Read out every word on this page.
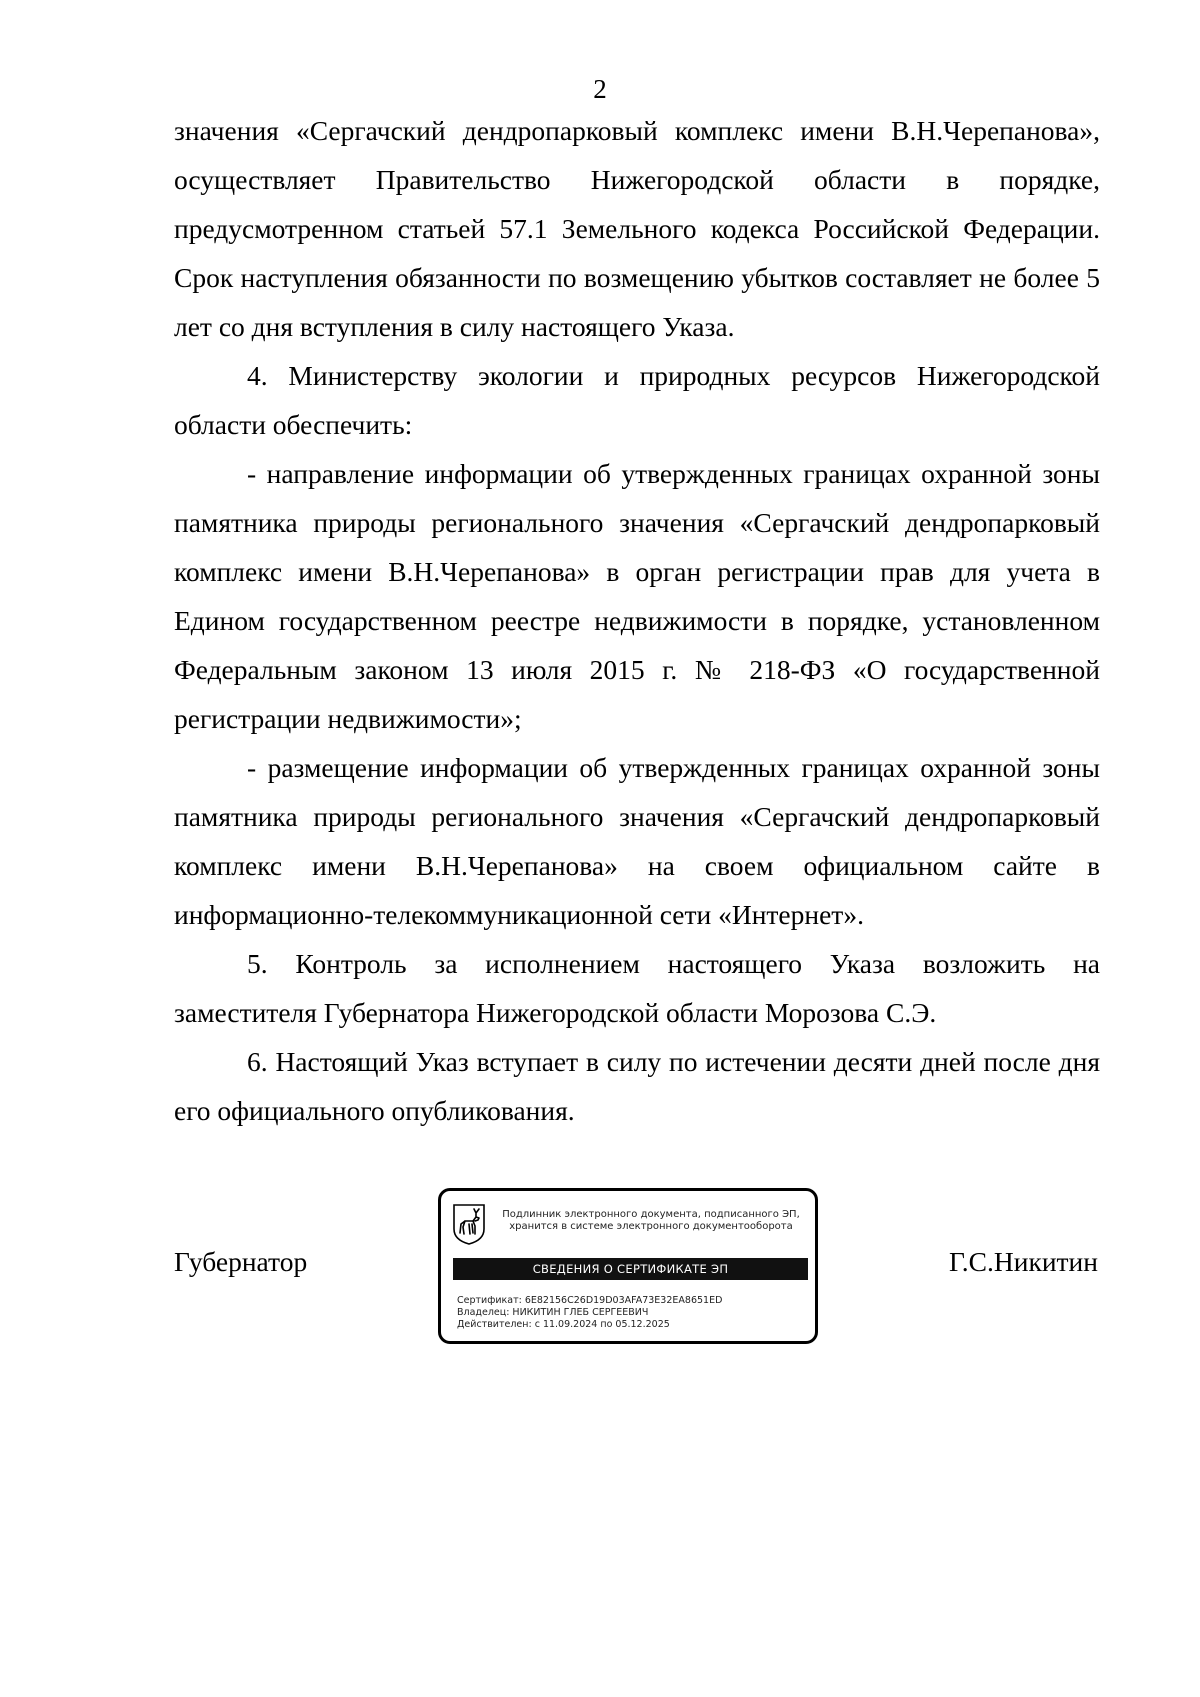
2

значения «Сергачский дендропарковый комплекс имени В.Н.Черепанова», осуществляет Правительство Нижегородской области в порядке, предусмотренном статьей 57.1 Земельного кодекса Российской Федерации. Срок наступления обязанности по возмещению убытков составляет не более 5 лет со дня вступления в силу настоящего Указа.

4. Министерству экологии и природных ресурсов Нижегородской области обеспечить:

- направление информации об утвержденных границах охранной зоны памятника природы регионального значения «Сергачский дендропарковый комплекс имени В.Н.Черепанова» в орган регистрации прав для учета в Едином государственном реестре недвижимости в порядке, установленном Федеральным законом 13 июля 2015 г. № 218-ФЗ «О государственной регистрации недвижимости»;

- размещение информации об утвержденных границах охранной зоны памятника природы регионального значения «Сергачский дендропарковый комплекс имени В.Н.Черепанова» на своем официальном сайте в информационно-телекоммуникационной сети «Интернет».

5. Контроль за исполнением настоящего Указа возложить на заместителя Губернатора Нижегородской области Морозова С.Э.

6. Настоящий Указ вступает в силу по истечении десяти дней после дня его официального опубликования.

Губернатор
Подлинник электронного документа, подписанного ЭП,
хранится в системе электронного документооборота
СВЕДЕНИЯ О СЕРТИФИКАТЕ ЭП
Сертификат: 6E82156C26D19D03AFA73E32EA8651ED
Владелец: НИКИТИН ГЛЕБ СЕРГЕЕВИЧ
Действителен: с 11.09.2024 по 05.12.2025
Г.С.Никитин
